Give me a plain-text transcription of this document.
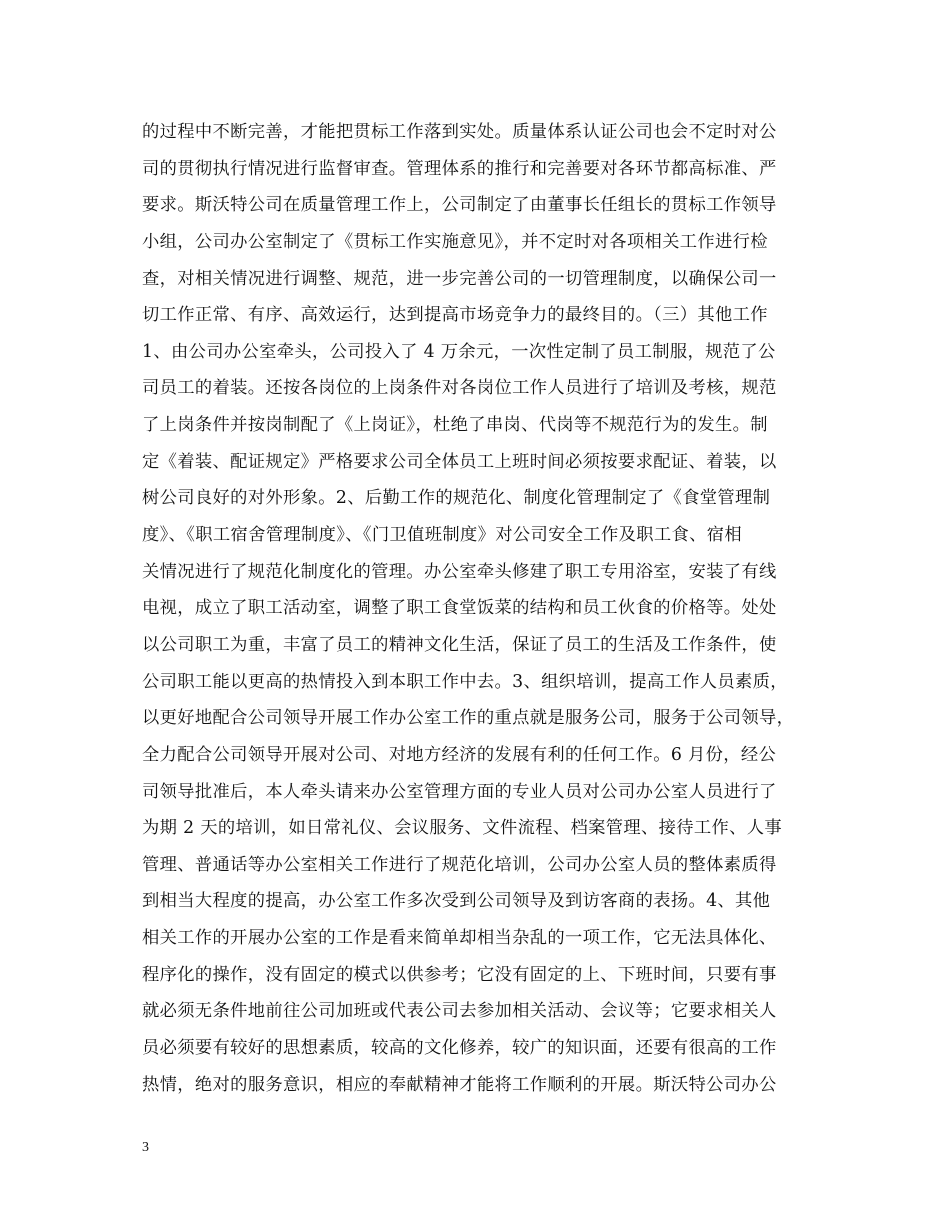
的过程中不断完善，才能把贯标工作落到实处。质量体系认证公司也会不定时对公
司的贯彻执行情况进行监督审查。管理体系的推行和完善要对各环节都高标准、严
要求。斯沃特公司在质量管理工作上，公司制定了由董事长任组长的贯标工作领导
小组，公司办公室制定了《贯标工作实施意见》，并不定时对各项相关工作进行检
查，对相关情况进行调整、规范，进一步完善公司的一切管理制度，以确保公司一
切工作正常、有序、高效运行，达到提高市场竞争力的最终目的。（三）其他工作
1、由公司办公室牵头，公司投入了 4 万余元，一次性定制了员工制服，规范了公
司员工的着装。还按各岗位的上岗条件对各岗位工作人员进行了培训及考核，规范
了上岗条件并按岗制配了《上岗证》，杜绝了串岗、代岗等不规范行为的发生。制
定《着装、配证规定》严格要求公司全体员工上班时间必须按要求配证、着装，以
树公司良好的对外形象。2、后勤工作的规范化、制度化管理制定了《食堂管理制
度》、《职工宿舍管理制度》、《门卫值班制度》对公司安全工作及职工食、宿相
关情况进行了规范化制度化的管理。办公室牵头修建了职工专用浴室，安装了有线
电视，成立了职工活动室，调整了职工食堂饭菜的结构和员工伙食的价格等。处处
以公司职工为重，丰富了员工的精神文化生活，保证了员工的生活及工作条件，使
公司职工能以更高的热情投入到本职工作中去。3、组织培训，提高工作人员素质，
以更好地配合公司领导开展工作办公室工作的重点就是服务公司，服务于公司领导，
全力配合公司领导开展对公司、对地方经济的发展有利的任何工作。6 月份，经公
司领导批准后，本人牵头请来办公室管理方面的专业人员对公司办公室人员进行了
为期 2 天的培训，如日常礼仪、会议服务、文件流程、档案管理、接待工作、人事
管理、普通话等办公室相关工作进行了规范化培训，公司办公室人员的整体素质得
到相当大程度的提高，办公室工作多次受到公司领导及到访客商的表扬。4、其他
相关工作的开展办公室的工作是看来简单却相当杂乱的一项工作，它无法具体化、
程序化的操作，没有固定的模式以供参考；它没有固定的上、下班时间，只要有事
就必须无条件地前往公司加班或代表公司去参加相关活动、会议等；它要求相关人
员必须要有较好的思想素质，较高的文化修养，较广的知识面，还要有很高的工作
热情，绝对的服务意识，相应的奉献精神才能将工作顺利的开展。斯沃特公司办公
3
